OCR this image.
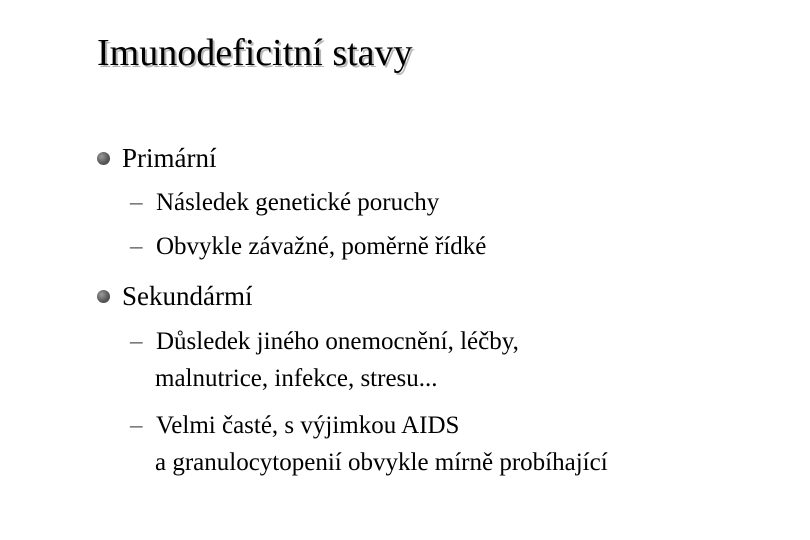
Imunodeficitní stavy
Primární
– Následek genetické poruchy
– Obvykle závažné, poměrně řídké
Sekundármí
– Důsledek jiného onemocnění, léčby,
malnutrice, infekce, stresu...
– Velmi časté, s výjimkou AIDS
a granulocytopenií obvykle mírně probíhající
